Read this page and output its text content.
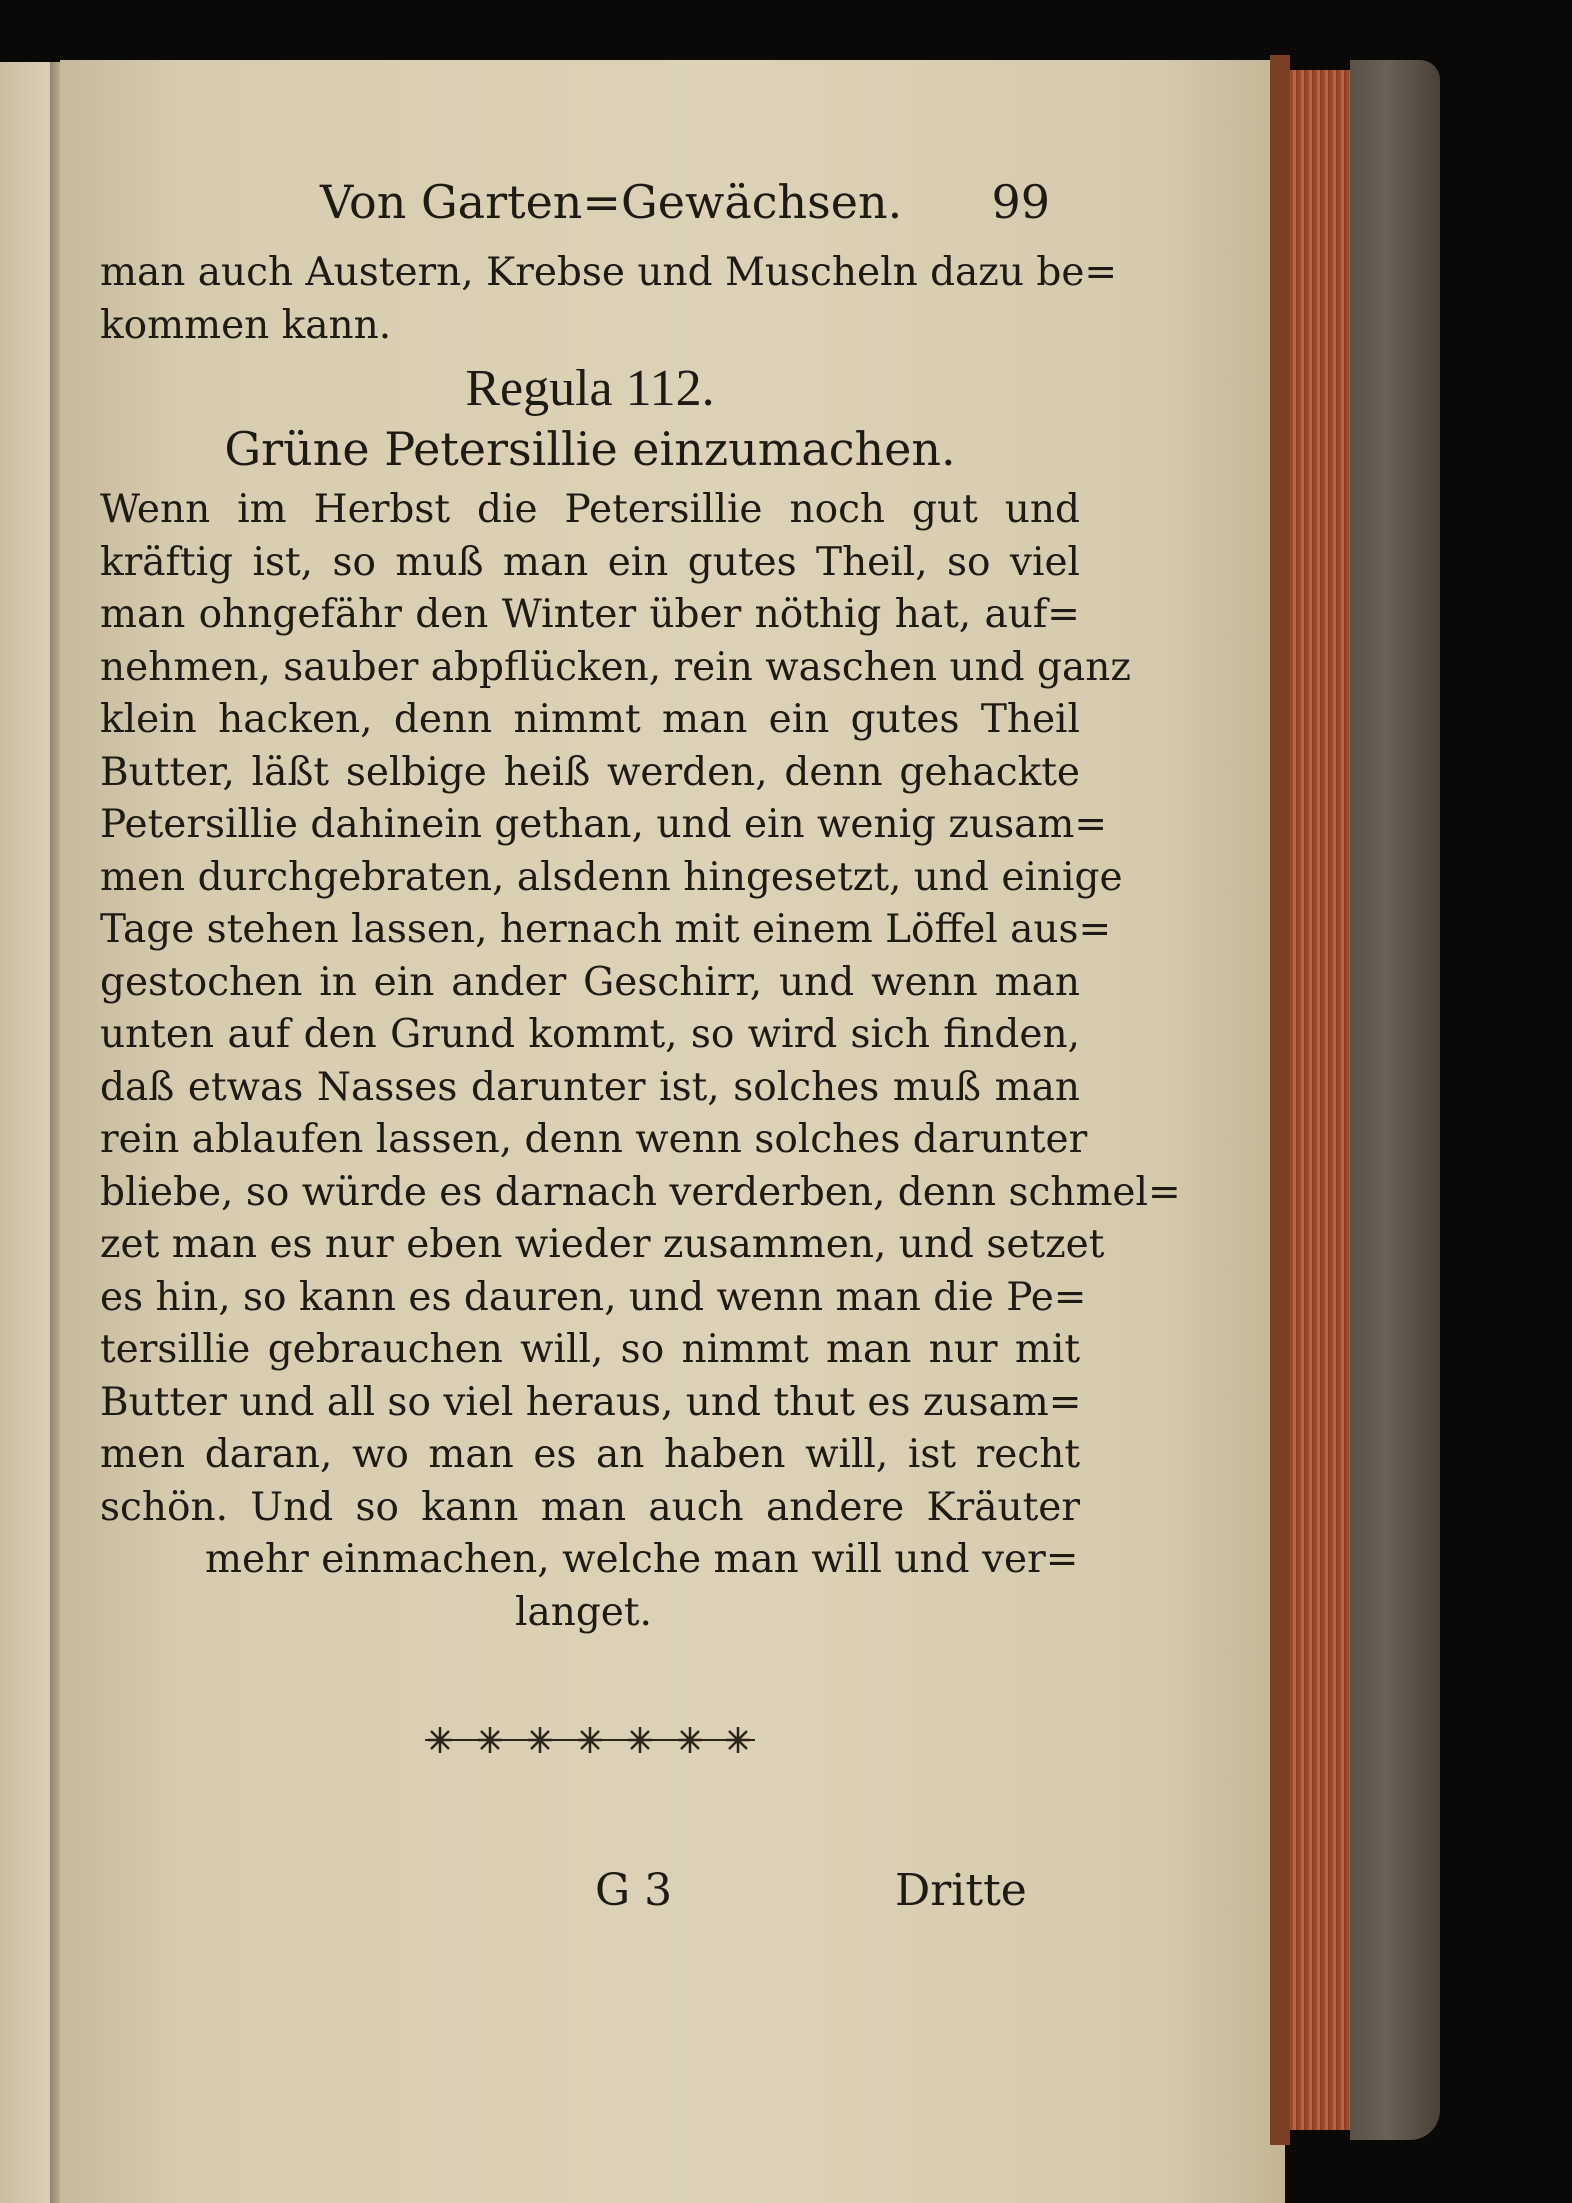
Von Garten=Gewächsen. 99
man auch Austern, Krebse und Muscheln dazu be=
kommen kann.
Regula 112.
Grüne Petersillie einzumachen.
Wenn im Herbst die Petersillie noch gut und
kräftig ist, so muß man ein gutes Theil, so viel
man ohngefähr den Winter über nöthig hat, auf=
nehmen, sauber abpflücken, rein waschen und ganz
klein hacken, denn nimmt man ein gutes Theil
Butter, läßt selbige heiß werden, denn gehackte
Petersillie dahinein gethan, und ein wenig zusam=
men durchgebraten, alsdenn hingesetzt, und einige
Tage stehen lassen, hernach mit einem Löffel aus=
gestochen in ein ander Geschirr, und wenn man
unten auf den Grund kommt, so wird sich finden,
daß etwas Nasses darunter ist, solches muß man
rein ablaufen lassen, denn wenn solches darunter
bliebe, so würde es darnach verderben, denn schmel=
zet man es nur eben wieder zusammen, und setzet
es hin, so kann es dauren, und wenn man die Pe=
tersillie gebrauchen will, so nimmt man nur mit
Butter und all so viel heraus, und thut es zusam=
men daran, wo man es an haben will, ist recht
schön. Und so kann man auch andere Kräuter
mehr einmachen, welche man will und ver=
langet.
G 3	Dritte
